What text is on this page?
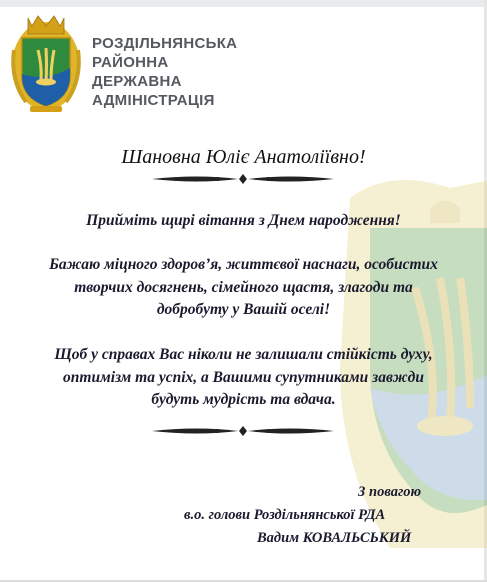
РОЗДІЛЬНЯНСЬКА
РАЙОННА
ДЕРЖАВНА
АДМІНІСТРАЦІЯ
Шановна Юліє Анатоліївно!
Прийміть щирі вітання з Днем народження!
Бажаю міцного здоров’я, життєвої наснаги, особистих
творчих досягнень, сімейного щастя, злагоди та
добробуту у Вашій оселі!
Щоб у справах Вас ніколи не залишали стійкість духу,
оптимізм та успіх, а Вашими супутниками завжди
будуть мудрість та вдача.
З повагою
в.о. голови Роздільнянської РДА
Вадим КОВАЛЬСЬКИЙ
